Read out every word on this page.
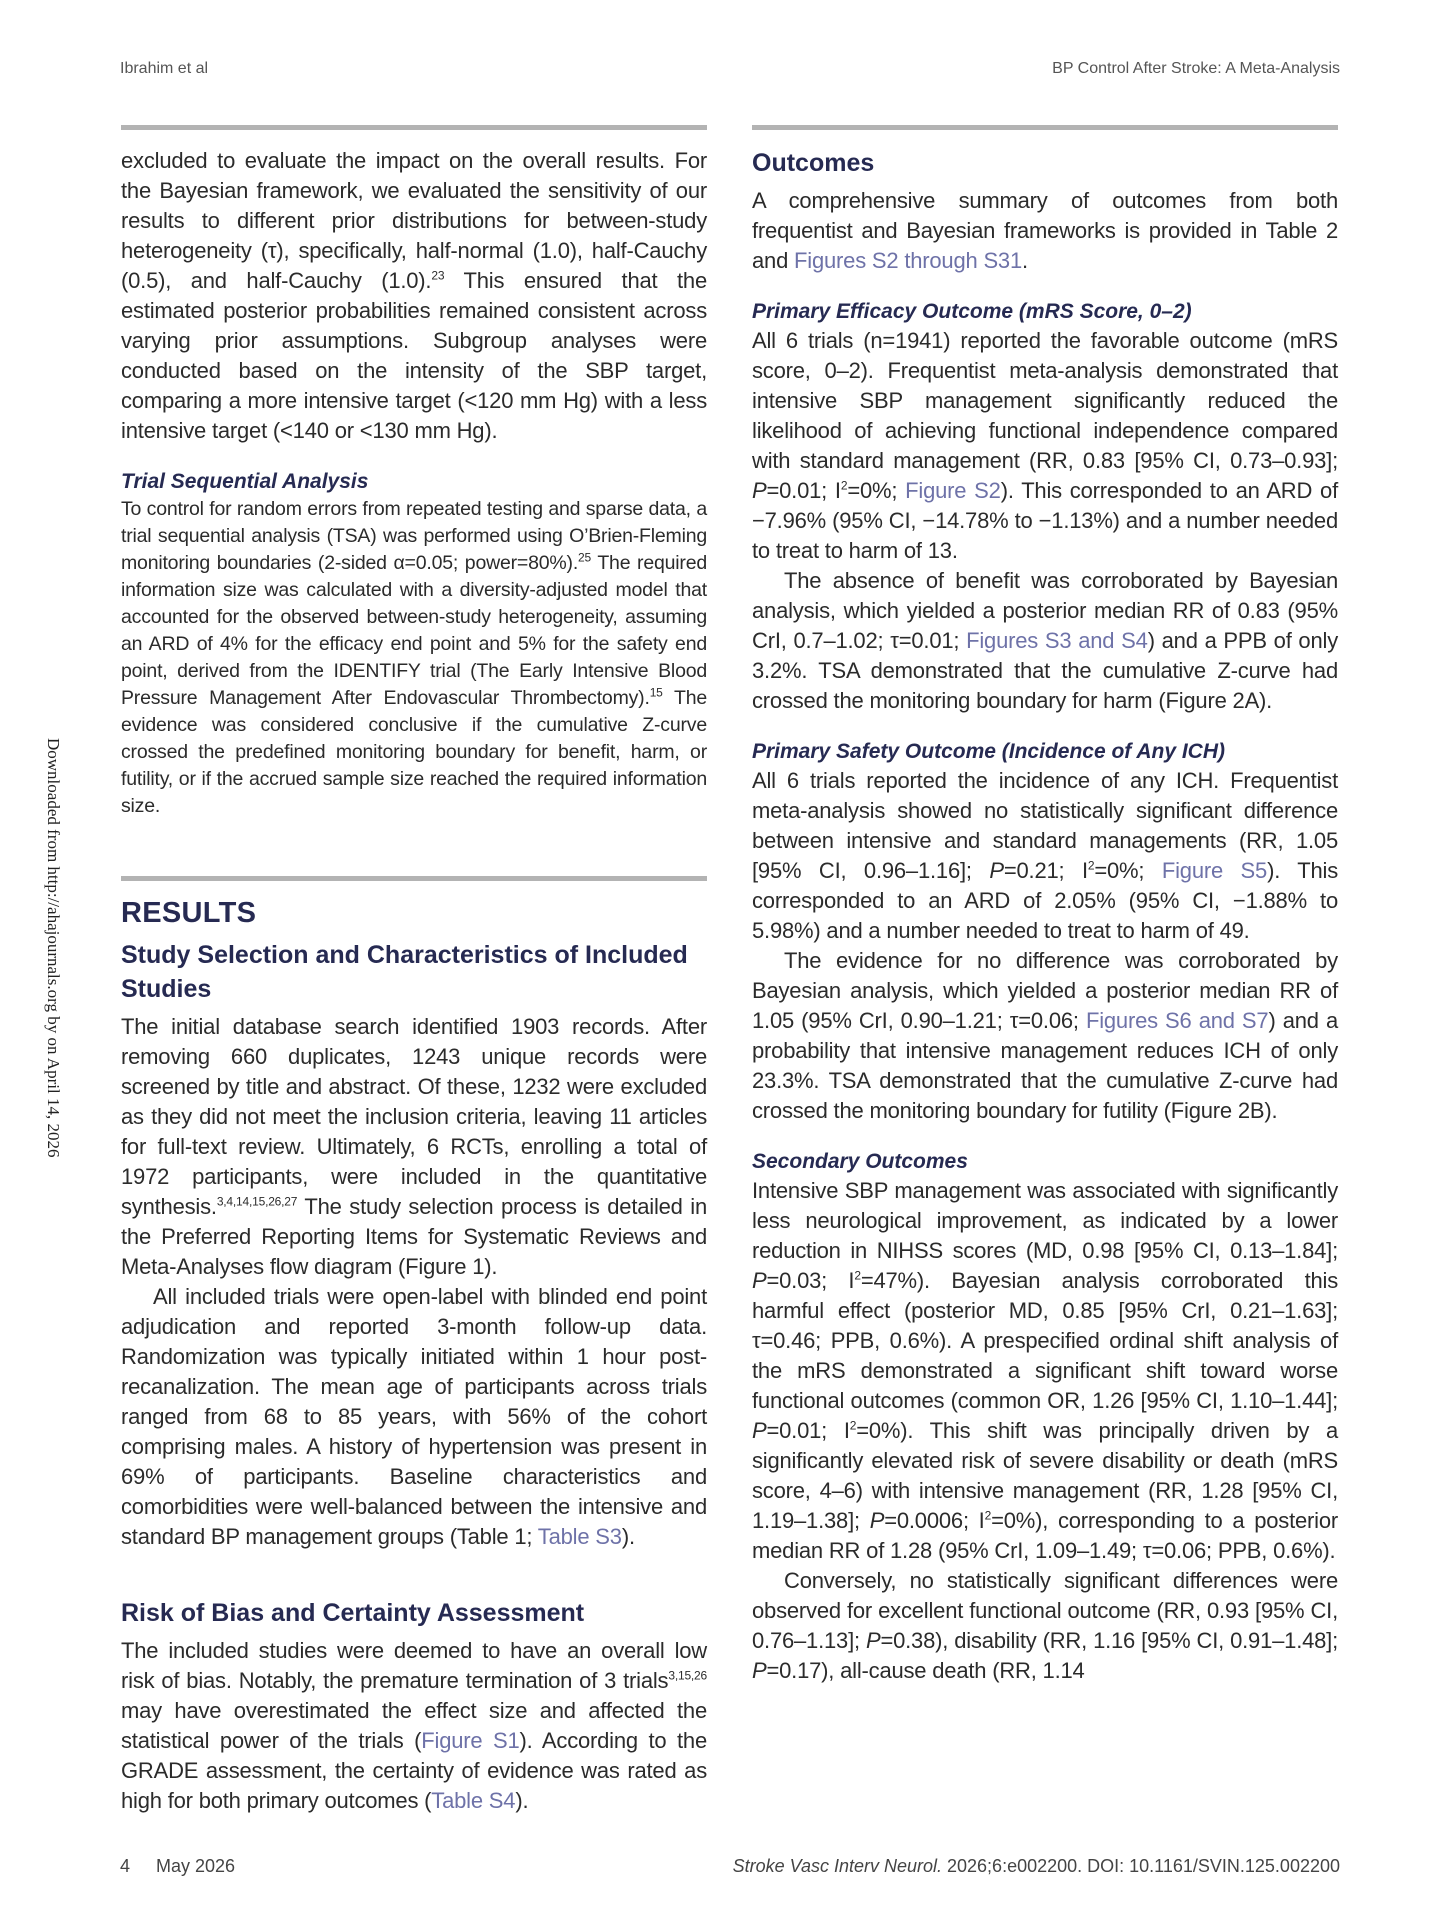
Ibrahim et al	BP Control After Stroke: A Meta-Analysis
Downloaded from http://ahajournals.org by on April 14, 2026

excluded to evaluate the impact on the overall results. For the Bayesian framework, we evaluated the sensitivity of our results to different prior distributions for between-study heterogeneity (τ), specifically, half-normal (1.0), half-Cauchy (0.5), and half-Cauchy (1.0).$^{23}$ This ensured that the estimated posterior probabilities remained consistent across varying prior assumptions. Subgroup analyses were conducted based on the intensity of the SBP target, comparing a more intensive target (<120 mm Hg) with a less intensive target (<140 or <130 mm Hg).

Trial Sequential Analysis

To control for random errors from repeated testing and sparse data, a trial sequential analysis (TSA) was performed using O’Brien-Fleming monitoring boundaries (2-sided α=0.05; power=80%).$^{25}$ The required information size was calculated with a diversity-adjusted model that accounted for the observed between-study heterogeneity, assuming an ARD of 4% for the efficacy end point and 5% for the safety end point, derived from the IDENTIFY trial (The Early Intensive Blood Pressure Management After Endovascular Thrombectomy).$^{15}$ The evidence was considered conclusive if the cumulative Z-curve crossed the predefined monitoring boundary for benefit, harm, or futility, or if the accrued sample size reached the required information size.

RESULTS
Study Selection and Characteristics of Included Studies

The initial database search identified 1903 records. After removing 660 duplicates, 1243 unique records were screened by title and abstract. Of these, 1232 were excluded as they did not meet the inclusion criteria, leaving 11 articles for full-text review. Ultimately, 6 RCTs, enrolling a total of 1972 participants, were included in the quantitative synthesis.$^{3,4,14,15,26,27}$ The study selection process is detailed in the Preferred Reporting Items for Systematic Reviews and Meta-Analyses flow diagram (Figure 1).

All included trials were open-label with blinded end point adjudication and reported 3-month follow-up data. Randomization was typically initiated within 1 hour post-recanalization. The mean age of participants across trials ranged from 68 to 85 years, with 56% of the cohort comprising males. A history of hypertension was present in 69% of participants. Baseline characteristics and comorbidities were well-balanced between the intensive and standard BP management groups (Table 1; Table S3).

Risk of Bias and Certainty Assessment

The included studies were deemed to have an overall low risk of bias. Notably, the premature termination of 3 trials$^{3,15,26}$ may have overestimated the effect size and affected the statistical power of the trials (Figure S1). According to the GRADE assessment, the certainty of evidence was rated as high for both primary outcomes (Table S4).

Outcomes

A comprehensive summary of outcomes from both frequentist and Bayesian frameworks is provided in Table 2 and Figures S2 through S31.

Primary Efficacy Outcome (mRS Score, 0–2)

All 6 trials (n=1941) reported the favorable outcome (mRS score, 0–2). Frequentist meta-analysis demonstrated that intensive SBP management significantly reduced the likelihood of achieving functional independence compared with standard management (RR, 0.83 [95% CI, 0.73–0.93]; P=0.01; $I^2=0\%$; Figure S2). This corresponded to an ARD of −7.96% (95% CI, −14.78% to −1.13%) and a number needed to treat to harm of 13.

The absence of benefit was corroborated by Bayesian analysis, which yielded a posterior median RR of 0.83 (95% CrI, 0.7–1.02; τ=0.01; Figures S3 and S4) and a PPB of only 3.2%. TSA demonstrated that the cumulative Z-curve had crossed the monitoring boundary for harm (Figure 2A).

Primary Safety Outcome (Incidence of Any ICH)

All 6 trials reported the incidence of any ICH. Frequentist meta-analysis showed no statistically significant difference between intensive and standard managements (RR, 1.05 [95% CI, 0.96–1.16]; P=0.21; $I^2=0\%$; Figure S5). This corresponded to an ARD of 2.05% (95% CI, −1.88% to 5.98%) and a number needed to treat to harm of 49.

The evidence for no difference was corroborated by Bayesian analysis, which yielded a posterior median RR of 1.05 (95% CrI, 0.90–1.21; τ=0.06; Figures S6 and S7) and a probability that intensive management reduces ICH of only 23.3%. TSA demonstrated that the cumulative Z-curve had crossed the monitoring boundary for futility (Figure 2B).

Secondary Outcomes

Intensive SBP management was associated with significantly less neurological improvement, as indicated by a lower reduction in NIHSS scores (MD, 0.98 [95% CI, 0.13–1.84]; P=0.03; $I^2=47\%$). Bayesian analysis corroborated this harmful effect (posterior MD, 0.85 [95% CrI, 0.21–1.63]; τ=0.46; PPB, 0.6%). A prespecified ordinal shift analysis of the mRS demonstrated a significant shift toward worse functional outcomes (common OR, 1.26 [95% CI, 1.10–1.44]; P=0.01; $I^2=0\%$). This shift was principally driven by a significantly elevated risk of severe disability or death (mRS score, 4–6) with intensive management (RR, 1.28 [95% CI, 1.19–1.38]; P=0.0006; $I^2=0\%$), corresponding to a posterior median RR of 1.28 (95% CrI, 1.09–1.49; τ=0.06; PPB, 0.6%).

Conversely, no statistically significant differences were observed for excellent functional outcome (RR, 0.93 [95% CI, 0.76–1.13]; P=0.38), disability (RR, 1.16 [95% CI, 0.91–1.48]; P=0.17), all-cause death (RR, 1.14

4 May 2026	Stroke Vasc Interv Neurol. 2026;6:e002200. DOI: 10.1161/SVIN.125.002200
